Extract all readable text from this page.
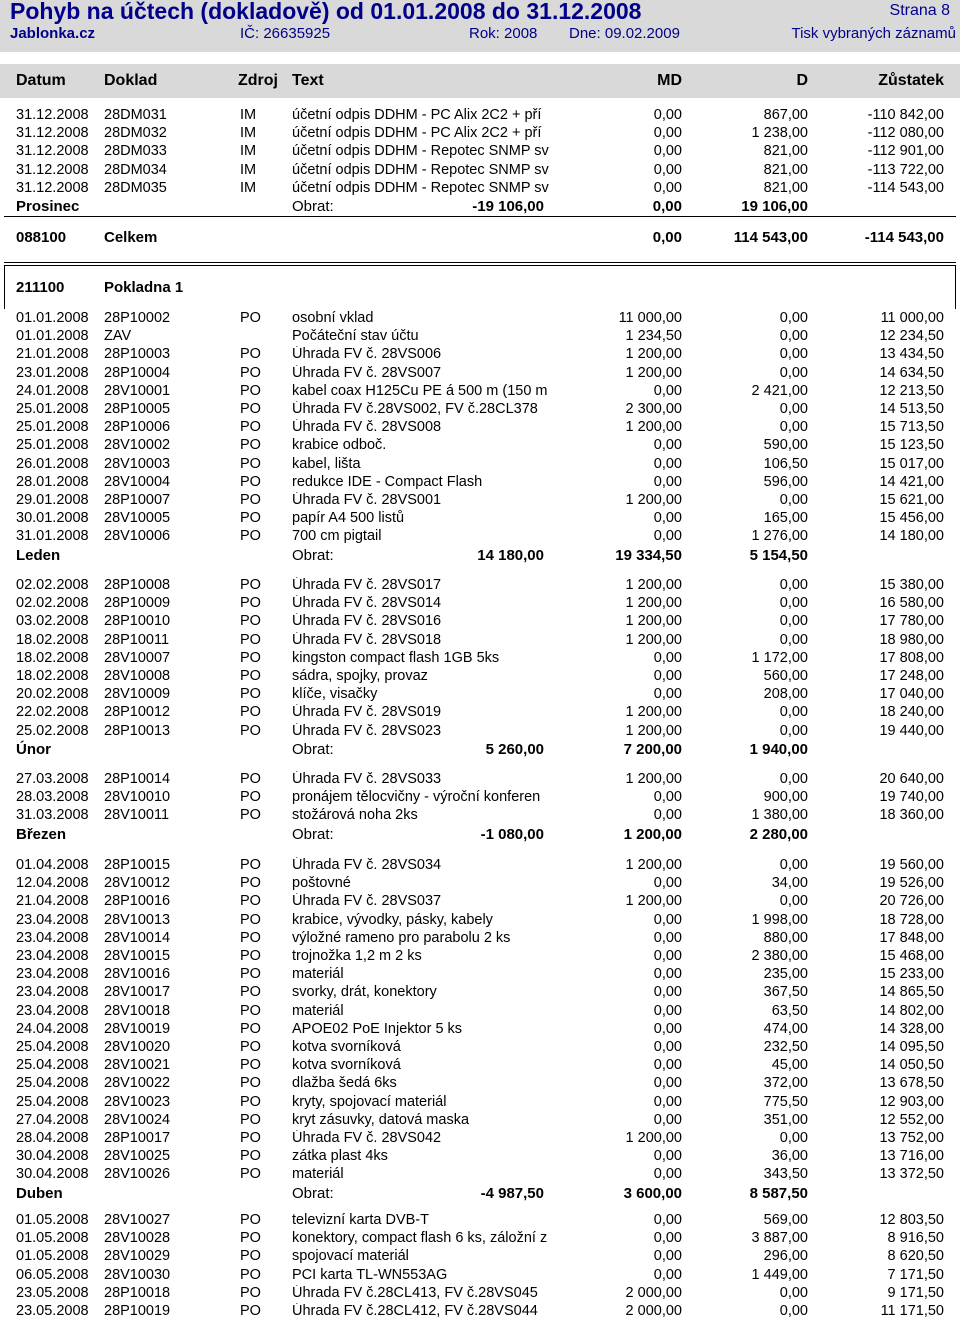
Pohyb na účtech (dokladově) od 01.01.2008 do 31.12.2008	Strana 8
Jablonka.cz	IČ: 26635925	Rok: 2008 Dne: 09.02.2009	Tisk vybraných záznamů
Datum Doklad	Zdroj Text	MD	D	Zůstatek
31.12.2008 28DM031	IM účetní odpis DDHM - PC Alix 2C2 + pří	0,00	867,00	-110 842,00
31.12.2008 28DM032	IM účetní odpis DDHM - PC Alix 2C2 + pří	0,00	1 238,00	-112 080,00
31.12.2008 28DM033	IM účetní odpis DDHM - Repotec SNMP sv	0,00	821,00	-112 901,00
31.12.2008 28DM034	IM účetní odpis DDHM - Repotec SNMP sv	0,00	821,00	-113 722,00
31.12.2008 28DM035	IM účetní odpis DDHM - Repotec SNMP sv	0,00	821,00	-114 543,00
Prosinec	Obrat:	-19 106,00	0,00	19 106,00
088100	Celkem	0,00	114 543,00	-114 543,00
211100	Pokladna 1
01.01.2008 28P10002	PO osobní vklad	11 000,00	0,00	11 000,00
01.01.2008 ZAV	Počáteční stav účtu	1 234,50	0,00	12 234,50
21.01.2008 28P10003	PO Úhrada FV č. 28VS006	1 200,00	0,00	13 434,50
23.01.2008 28P10004	PO Úhrada FV č. 28VS007	1 200,00	0,00	14 634,50
24.01.2008 28V10001	PO kabel coax H125Cu PE á 500 m (150 m	0,00	2 421,00	12 213,50
25.01.2008 28P10005	PO Úhrada FV č.28VS002, FV č.28CL378	2 300,00	0,00	14 513,50
25.01.2008 28P10006	PO Úhrada FV č. 28VS008	1 200,00	0,00	15 713,50
25.01.2008 28V10002	PO krabice odboč.	0,00	590,00	15 123,50
26.01.2008 28V10003	PO kabel, lišta	0,00	106,50	15 017,00
28.01.2008 28V10004	PO redukce IDE - Compact Flash	0,00	596,00	14 421,00
29.01.2008 28P10007	PO Úhrada FV č. 28VS001	1 200,00	0,00	15 621,00
30.01.2008 28V10005	PO papír A4 500 listů	0,00	165,00	15 456,00
31.01.2008 28V10006	PO 700 cm pigtail	0,00	1 276,00	14 180,00
Leden	Obrat:	14 180,00	19 334,50	5 154,50
02.02.2008 28P10008	PO Úhrada FV č. 28VS017	1 200,00	0,00	15 380,00
02.02.2008 28P10009	PO Úhrada FV č. 28VS014	1 200,00	0,00	16 580,00
03.02.2008 28P10010	PO Úhrada FV č. 28VS016	1 200,00	0,00	17 780,00
18.02.2008 28P10011	PO Úhrada FV č. 28VS018	1 200,00	0,00	18 980,00
18.02.2008 28V10007	PO kingston compact flash 1GB 5ks	0,00	1 172,00	17 808,00
18.02.2008 28V10008	PO sádra, spojky, provaz	0,00	560,00	17 248,00
20.02.2008 28V10009	PO klíče, visačky	0,00	208,00	17 040,00
22.02.2008 28P10012	PO Úhrada FV č. 28VS019	1 200,00	0,00	18 240,00
25.02.2008 28P10013	PO Úhrada FV č. 28VS023	1 200,00	0,00	19 440,00
Únor	Obrat:	5 260,00	7 200,00	1 940,00
27.03.2008 28P10014	PO Úhrada FV č. 28VS033	1 200,00	0,00	20 640,00
28.03.2008 28V10010	PO pronájem tělocvičny - výroční konferen	0,00	900,00	19 740,00
31.03.2008 28V10011	PO stožárová noha 2ks	0,00	1 380,00	18 360,00
Březen	Obrat:	-1 080,00	1 200,00	2 280,00
01.04.2008 28P10015	PO Úhrada FV č. 28VS034	1 200,00	0,00	19 560,00
12.04.2008 28V10012	PO poštovné	0,00	34,00	19 526,00
21.04.2008 28P10016	PO Úhrada FV č. 28VS037	1 200,00	0,00	20 726,00
23.04.2008 28V10013	PO krabice, vývodky, pásky, kabely	0,00	1 998,00	18 728,00
23.04.2008 28V10014	PO výložné rameno pro parabolu 2 ks	0,00	880,00	17 848,00
23.04.2008 28V10015	PO trojnožka 1,2 m 2 ks	0,00	2 380,00	15 468,00
23.04.2008 28V10016	PO materiál	0,00	235,00	15 233,00
23.04.2008 28V10017	PO svorky, drát, konektory	0,00	367,50	14 865,50
23.04.2008 28V10018	PO materiál	0,00	63,50	14 802,00
24.04.2008 28V10019	PO APOE02 PoE Injektor 5 ks	0,00	474,00	14 328,00
25.04.2008 28V10020	PO kotva svorníková	0,00	232,50	14 095,50
25.04.2008 28V10021	PO kotva svorníková	0,00	45,00	14 050,50
25.04.2008 28V10022	PO dlažba šedá 6ks	0,00	372,00	13 678,50
25.04.2008 28V10023	PO kryty, spojovací materiál	0,00	775,50	12 903,00
27.04.2008 28V10024	PO kryt zásuvky, datová maska	0,00	351,00	12 552,00
28.04.2008 28P10017	PO Úhrada FV č. 28VS042	1 200,00	0,00	13 752,00
30.04.2008 28V10025	PO zátka plast 4ks	0,00	36,00	13 716,00
30.04.2008 28V10026	PO materiál	0,00	343,50	13 372,50
Duben	Obrat:	-4 987,50	3 600,00	8 587,50
01.05.2008 28V10027	PO televizní karta DVB-T	0,00	569,00	12 803,50
01.05.2008 28V10028	PO konektory, compact flash 6 ks, záložní z	0,00	3 887,00	8 916,50
01.05.2008 28V10029	PO spojovací materiál	0,00	296,00	8 620,50
06.05.2008 28V10030	PO PCI karta TL-WN553AG	0,00	1 449,00	7 171,50
23.05.2008 28P10018	PO Úhrada FV č.28CL413, FV č.28VS045	2 000,00	0,00	9 171,50
23.05.2008 28P10019	PO Úhrada FV č.28CL412, FV č.28VS044	2 000,00	0,00	11 171,50
